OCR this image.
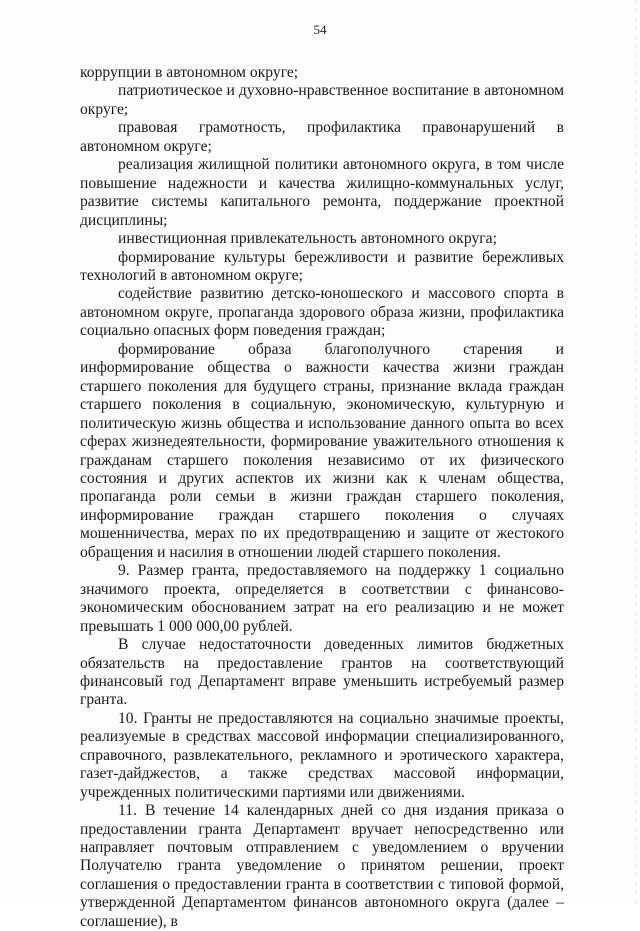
54

коррупции в автономном округе;

патриотическое и духовно-нравственное воспитание в автономном округе;

правовая грамотность, профилактика правонарушений в автономном округе;

реализация жилищной политики автономного округа, в том числе повышение надежности и качества жилищно-коммунальных услуг, развитие системы капитального ремонта, поддержание проектной дисциплины;

инвестиционная привлекательность автономного округа;

формирование культуры бережливости и развитие бережливых технологий в автономном округе;

содействие развитию детско-юношеского и массового спорта в автономном округе, пропаганда здорового образа жизни, профилактика социально опасных форм поведения граждан;

формирование образа благополучного старения и информирование общества о важности качества жизни граждан старшего поколения для будущего страны, признание вклада граждан старшего поколения в социальную, экономическую, культурную и политическую жизнь общества и использование данного опыта во всех сферах жизнедеятельности, формирование уважительного отношения к гражданам старшего поколения независимо от их физического состояния и других аспектов их жизни как к членам общества, пропаганда роли семьи в жизни граждан старшего поколения, информирование граждан старшего поколения о случаях мошенничества, мерах по их предотвращению и защите от жестокого обращения и насилия в отношении людей старшего поколения.

9. Размер гранта, предоставляемого на поддержку 1 социально значимого проекта, определяется в соответствии с финансово-экономическим обоснованием затрат на его реализацию и не может превышать 1 000 000,00 рублей.

В случае недостаточности доведенных лимитов бюджетных обязательств на предоставление грантов на соответствующий финансовый год Департамент вправе уменьшить истребуемый размер гранта.

10. Гранты не предоставляются на социально значимые проекты, реализуемые в средствах массовой информации специализированного, справочного, развлекательного, рекламного и эротического характера, газет-дайджестов, а также средствах массовой информации, учрежденных политическими партиями или движениями.

11. В течение 14 календарных дней со дня издания приказа о предоставлении гранта Департамент вручает непосредственно или направляет почтовым отправлением с уведомлением о вручении Получателю гранта уведомление о принятом решении, проект соглашения о предоставлении гранта в соответствии с типовой формой, утвержденной Департаментом финансов автономного округа (далее – соглашение), в
